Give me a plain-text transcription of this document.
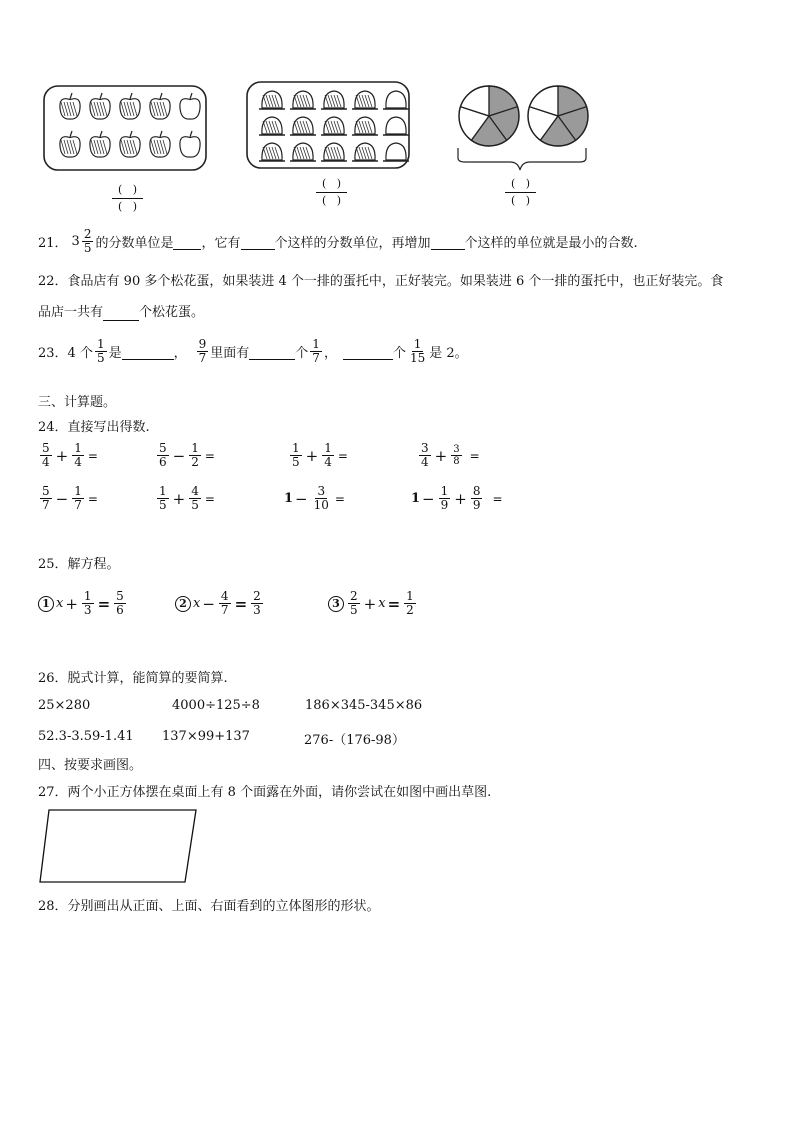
$\frac{( )}{( )}$	$\frac{( )}{( )}$	$\frac{( )}{( )}$
21． $3 \frac{2}{5}$ 的分数单位是
，它有
	个这样的分数单位，再增加
	个这样的单位就是最小的合数.
22．食品店有 90 多个松花蛋，如果装进 4 个一排的蛋托中，正好装完。如果装进 6 个一排的蛋托中，也正好装完。食
品店一共有	个松花蛋。
23．4 个 $\frac{1}{5}$ 是
	， $\frac{9}{7}$ 里面有
	个 $\frac{1}{7}$ ，
	个 $\frac{1}{15}$ 是 2。
三、计算题。
24．直接写出得数.
$\frac{5}{4} + \frac{1}{4}$ =	$\frac{5}{6} - \frac{1}{2}$ =	$\frac{1}{5} + \frac{1}{4}$ =	$\frac{3}{4} + \frac{3}{8}$ =
$\frac{5}{7} - \frac{1}{7}$ =	$\frac{1}{5} + \frac{4}{5}$ =	$1 - \frac{3}{10}$ =	$1 - \frac{1}{9} + \frac{8}{9}$ =
25．解方程。
1 $x + \frac{1}{3} = \frac{5}{6}$	2 $x - \frac{4}{7} = \frac{2}{3}$	$3 \frac{2}{5} + x = \frac{1}{2}$
26．脱式计算，能简算的要简算.
25×280	4000÷125÷8	186×345-345×86
52.3-3.59-1.41 137×99+137	276-（176-98）
四、按要求画图。
27．两个小正方体摆在桌面上有 8 个面露在外面，请你尝试在如图中画出草图.
28．分别画出从正面、上面、右面看到的立体图形的形状。
